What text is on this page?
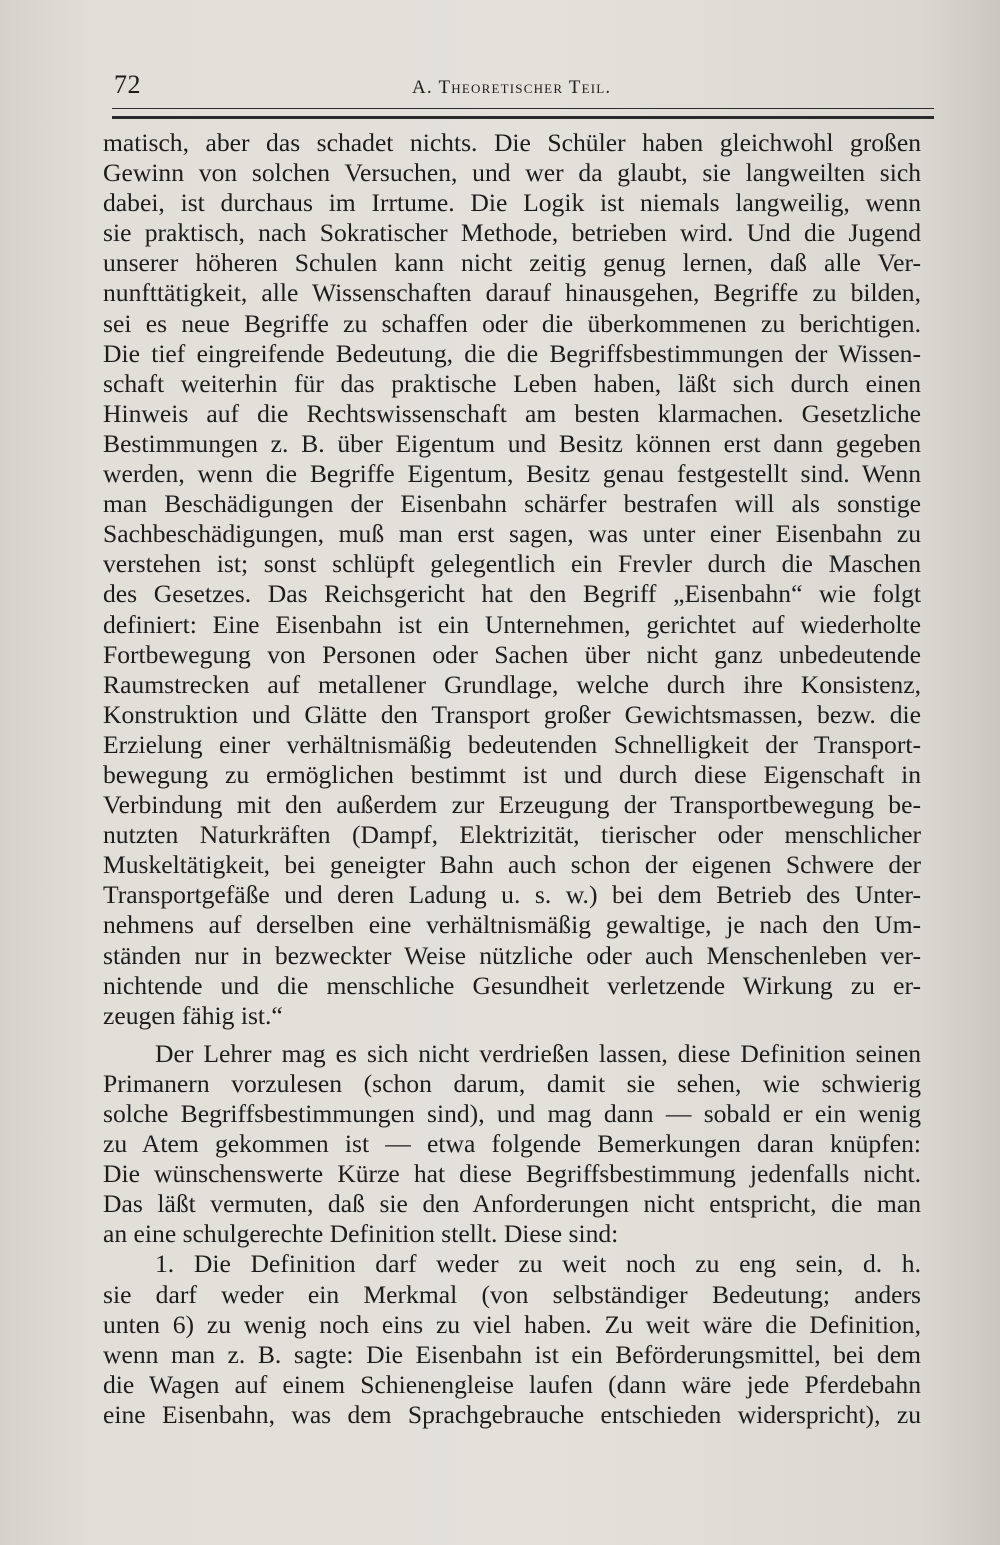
72	A. Theoretischer Teil.
matisch, aber das schadet nichts. Die Schüler haben gleichwohl großen
Gewinn von solchen Versuchen, und wer da glaubt, sie langweilten sich
dabei, ist durchaus im Irrtume. Die Logik ist niemals langweilig, wenn
sie praktisch, nach Sokratischer Methode, betrieben wird. Und die Jugend
unserer höheren Schulen kann nicht zeitig genug lernen, daß alle Ver-
nunfttätigkeit, alle Wissenschaften darauf hinausgehen, Begriffe zu bilden,
sei es neue Begriffe zu schaffen oder die überkommenen zu berichtigen.
Die tief eingreifende Bedeutung, die die Begriffsbestimmungen der Wissen-
schaft weiterhin für das praktische Leben haben, läßt sich durch einen
Hinweis auf die Rechtswissenschaft am besten klarmachen. Gesetzliche
Bestimmungen z. B. über Eigentum und Besitz können erst dann gegeben
werden, wenn die Begriffe Eigentum, Besitz genau festgestellt sind. Wenn
man Beschädigungen der Eisenbahn schärfer bestrafen will als sonstige
Sachbeschädigungen, muß man erst sagen, was unter einer Eisenbahn zu
verstehen ist; sonst schlüpft gelegentlich ein Frevler durch die Maschen
des Gesetzes. Das Reichsgericht hat den Begriff „Eisenbahn“ wie folgt
definiert: Eine Eisenbahn ist ein Unternehmen, gerichtet auf wiederholte
Fortbewegung von Personen oder Sachen über nicht ganz unbedeutende
Raumstrecken auf metallener Grundlage, welche durch ihre Konsistenz,
Konstruktion und Glätte den Transport großer Gewichtsmassen, bezw. die
Erzielung einer verhältnismäßig bedeutenden Schnelligkeit der Transport-
bewegung zu ermöglichen bestimmt ist und durch diese Eigenschaft in
Verbindung mit den außerdem zur Erzeugung der Transportbewegung be-
nutzten Naturkräften (Dampf, Elektrizität, tierischer oder menschlicher
Muskeltätigkeit, bei geneigter Bahn auch schon der eigenen Schwere der
Transportgefäße und deren Ladung u. s. w.) bei dem Betrieb des Unter-
nehmens auf derselben eine verhältnismäßig gewaltige, je nach den Um-
ständen nur in bezweckter Weise nützliche oder auch Menschenleben ver-
nichtende und die menschliche Gesundheit verletzende Wirkung zu er-
zeugen fähig ist.“
Der Lehrer mag es sich nicht verdrießen lassen, diese Definition seinen
Primanern vorzulesen (schon darum, damit sie sehen, wie schwierig
solche Begriffsbestimmungen sind), und mag dann — sobald er ein wenig
zu Atem gekommen ist — etwa folgende Bemerkungen daran knüpfen:
Die wünschenswerte Kürze hat diese Begriffsbestimmung jedenfalls nicht.
Das läßt vermuten, daß sie den Anforderungen nicht entspricht, die man
an eine schulgerechte Definition stellt. Diese sind:
1. Die Definition darf weder zu weit noch zu eng sein, d. h.
sie darf weder ein Merkmal (von selbständiger Bedeutung; anders
unten 6) zu wenig noch eins zu viel haben. Zu weit wäre die Definition,
wenn man z. B. sagte: Die Eisenbahn ist ein Beförderungsmittel, bei dem
die Wagen auf einem Schienengleise laufen (dann wäre jede Pferdebahn
eine Eisenbahn, was dem Sprachgebrauche entschieden widerspricht), zu
